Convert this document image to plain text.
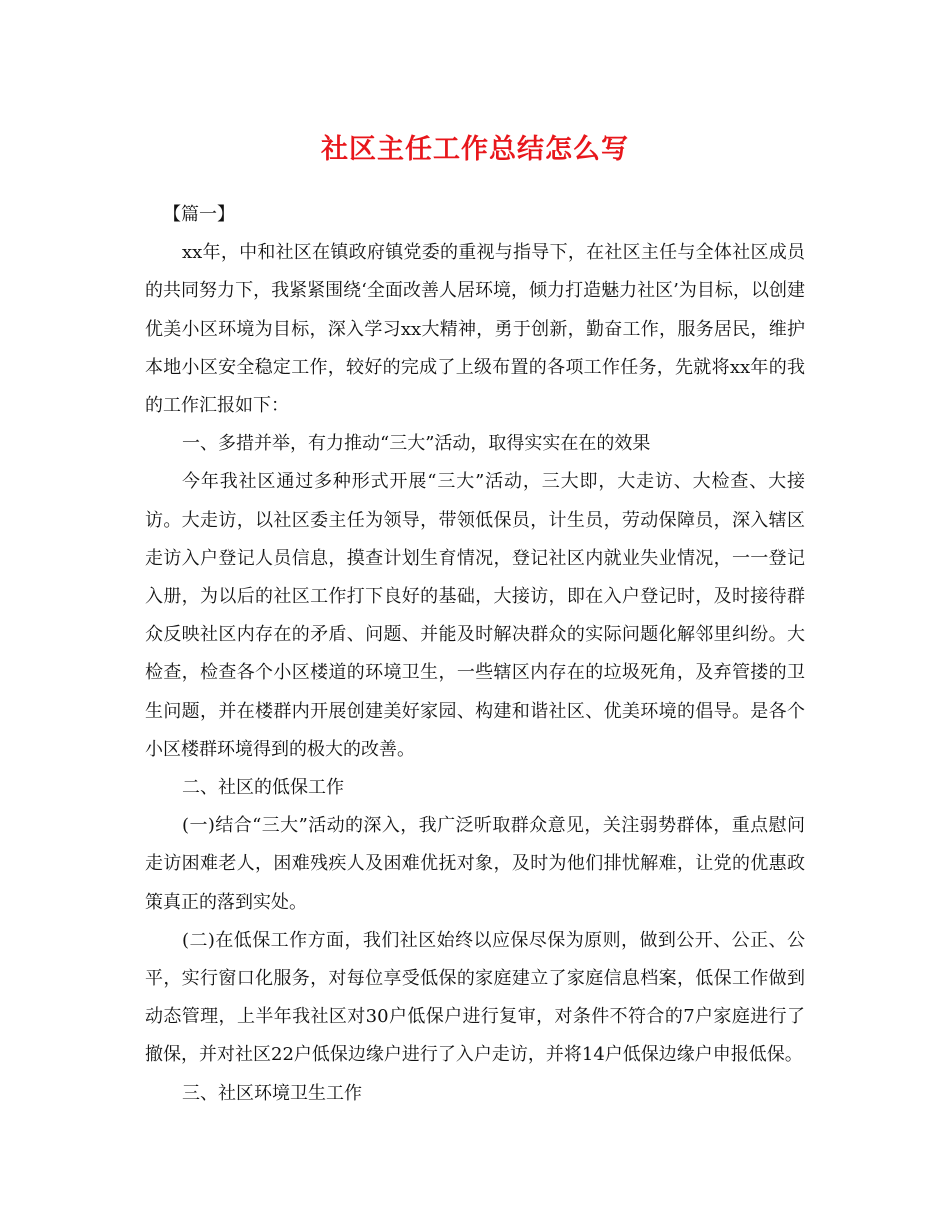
社区主任工作总结怎么写

【篇一】

xx年，中和社区在镇政府镇党委的重视与指导下，在社区主任与全体社区成员的共同努力下，我紧紧围绕‘全面改善人居环境，倾力打造魅力社区’为目标，以创建优美小区环境为目标，深入学习xx大精神，勇于创新，勤奋工作，服务居民，维护本地小区安全稳定工作，较好的完成了上级布置的各项工作任务，先就将xx年的我的工作汇报如下：

一、多措并举，有力推动“三大”活动，取得实实在在的效果

今年我社区通过多种形式开展“三大”活动，三大即，大走访、大检查、大接访。大走访，以社区委主任为领导，带领低保员，计生员，劳动保障员，深入辖区走访入户登记人员信息，摸查计划生育情况，登记社区内就业失业情况，一一登记入册，为以后的社区工作打下良好的基础，大接访，即在入户登记时，及时接待群众反映社区内存在的矛盾、问题、并能及时解决群众的实际问题化解邻里纠纷。大检查，检查各个小区楼道的环境卫生，一些辖区内存在的垃圾死角，及弃管搂的卫生问题，并在楼群内开展创建美好家园、构建和谐社区、优美环境的倡导。是各个小区楼群环境得到的极大的改善。

二、社区的低保工作

(一)结合“三大”活动的深入，我广泛听取群众意见，关注弱势群体，重点慰问走访困难老人，困难残疾人及困难优抚对象，及时为他们排忧解难，让党的优惠政策真正的落到实处。

(二)在低保工作方面，我们社区始终以应保尽保为原则，做到公开、公正、公平，实行窗口化服务，对每位享受低保的家庭建立了家庭信息档案，低保工作做到动态管理，上半年我社区对30户低保户进行复审，对条件不符合的7户家庭进行了撤保，并对社区22户低保边缘户进行了入户走访，并将14户低保边缘户申报低保。

三、社区环境卫生工作
